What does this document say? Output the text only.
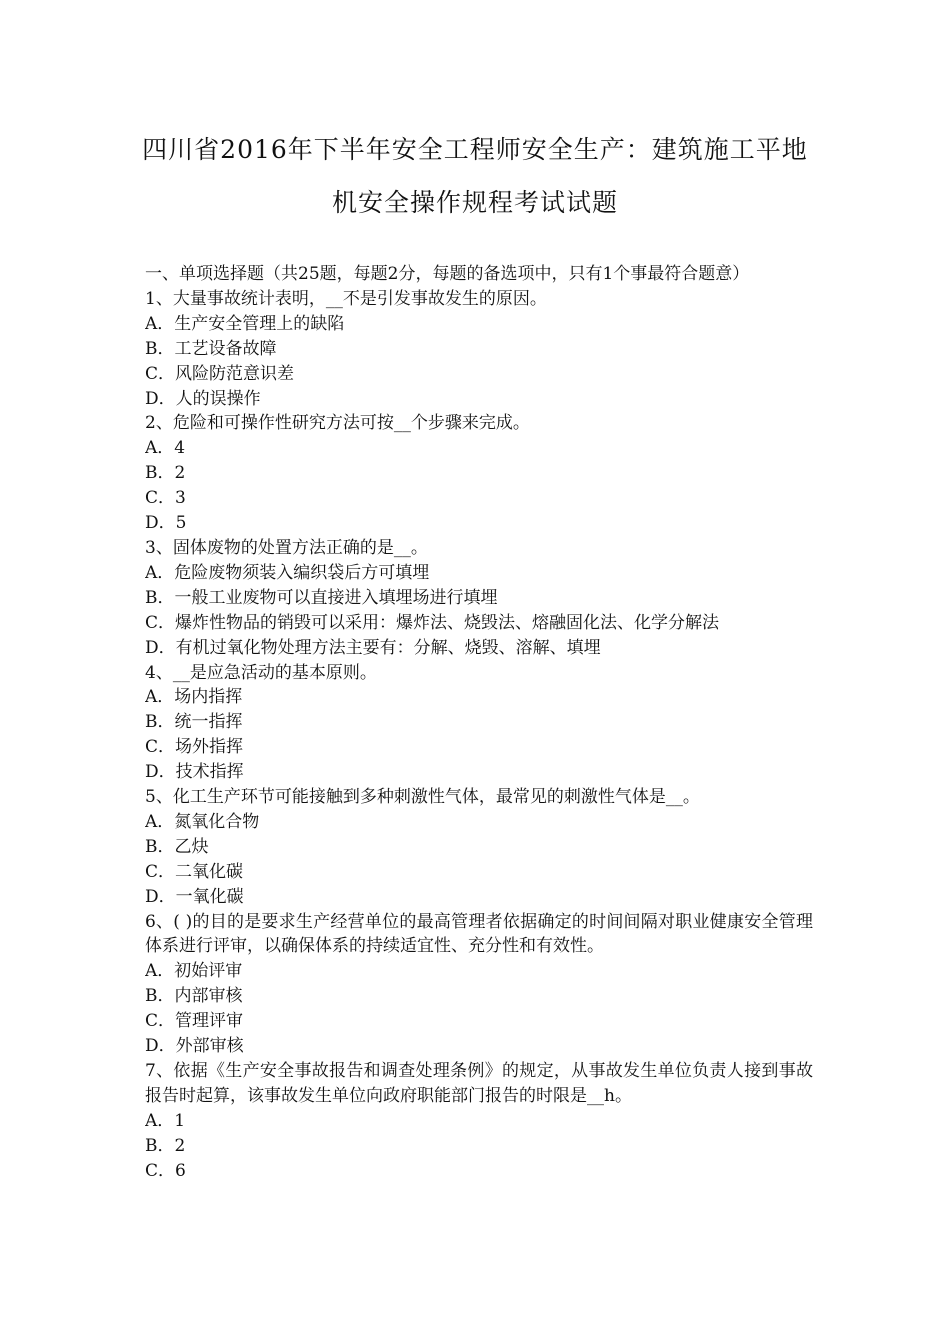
四川省2016年下半年安全工程师安全生产：建筑施工平地
机安全操作规程考试试题
一、单项选择题（共25题，每题2分，每题的备选项中，只有1个事最符合题意）
1、大量事故统计表明，__不是引发事故发生的原因。
A．生产安全管理上的缺陷
B．工艺设备故障
C．风险防范意识差
D．人的误操作
2、危险和可操作性研究方法可按__个步骤来完成。
A．4
B．2
C．3
D．5
3、固体废物的处置方法正确的是__。
A．危险废物须装入编织袋后方可填埋
B．一般工业废物可以直接进入填埋场进行填埋
C．爆炸性物品的销毁可以采用：爆炸法、烧毁法、熔融固化法、化学分解法
D．有机过氧化物处理方法主要有：分解、烧毁、溶解、填埋
4、__是应急活动的基本原则。
A．场内指挥
B．统一指挥
C．场外指挥
D．技术指挥
5、化工生产环节可能接触到多种刺激性气体，最常见的刺激性气体是__。
A．氮氧化合物
B．乙炔
C．二氧化碳
D．一氧化碳
6、( )的目的是要求生产经营单位的最高管理者依据确定的时间间隔对职业健康安全管理体系进行评审，以确保体系的持续适宜性、充分性和有效性。
A．初始评审
B．内部审核
C．管理评审
D．外部审核
7、依据《生产安全事故报告和调查处理条例》的规定，从事故发生单位负责人接到事故报告时起算，该事故发生单位向政府职能部门报告的时限是__h。
A．1
B．2
C．6
